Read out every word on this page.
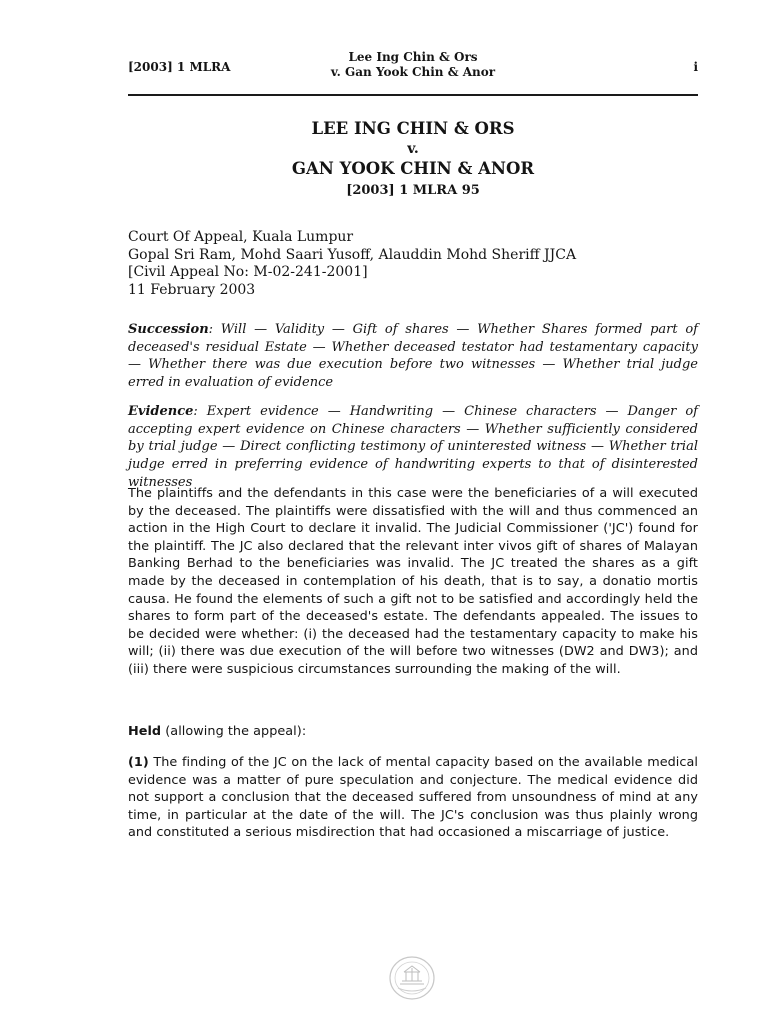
[2003] 1 MLRA
Lee Ing Chin & Ors
v. Gan Yook Chin & Anor	i
LEE ING CHIN & ORS
v.
GAN YOOK CHIN & ANOR
[2003] 1 MLRA 95
Court Of Appeal, Kuala Lumpur
Gopal Sri Ram, Mohd Saari Yusoff, Alauddin Mohd Sheriff JJCA
[Civil Appeal No: M-02-241-2001]
11 February 2003

Succession: Will — Validity — Gift of shares — Whether Shares formed part of deceased's residual Estate — Whether deceased testator had testamentary capacity — Whether there was due execution before two witnesses — Whether trial judge erred in evaluation of evidence

Evidence: Expert evidence — Handwriting — Chinese characters — Danger of accepting expert evidence on Chinese characters — Whether sufficiently considered by trial judge — Direct conflicting testimony of uninterested witness — Whether trial judge erred in preferring evidence of handwriting experts to that of disinterested witnesses

The plaintiffs and the defendants in this case were the beneficiaries of a will executed by the deceased. The plaintiffs were dissatisfied with the will and thus commenced an action in the High Court to declare it invalid. The Judicial Commissioner ('JC') found for the plaintiff. The JC also declared that the relevant inter vivos gift of shares of Malayan Banking Berhad to the beneficiaries was invalid. The JC treated the shares as a gift made by the deceased in contemplation of his death, that is to say, a donatio mortis causa. He found the elements of such a gift not to be satisfied and accordingly held the shares to form part of the deceased's estate. The defendants appealed. The issues to be decided were whether: (i) the deceased had the testamentary capacity to make his will; (ii) there was due execution of the will before two witnesses (DW2 and DW3); and (iii) there were suspicious circumstances surrounding the making of the will.

Held (allowing the appeal):

(1) The finding of the JC on the lack of mental capacity based on the available medical evidence was a matter of pure speculation and conjecture. The medical evidence did not support a conclusion that the deceased suffered from unsoundness of mind at any time, in particular at the date of the will. The JC's conclusion was thus plainly wrong and constituted a serious misdirection that had occasioned a miscarriage of justice.
